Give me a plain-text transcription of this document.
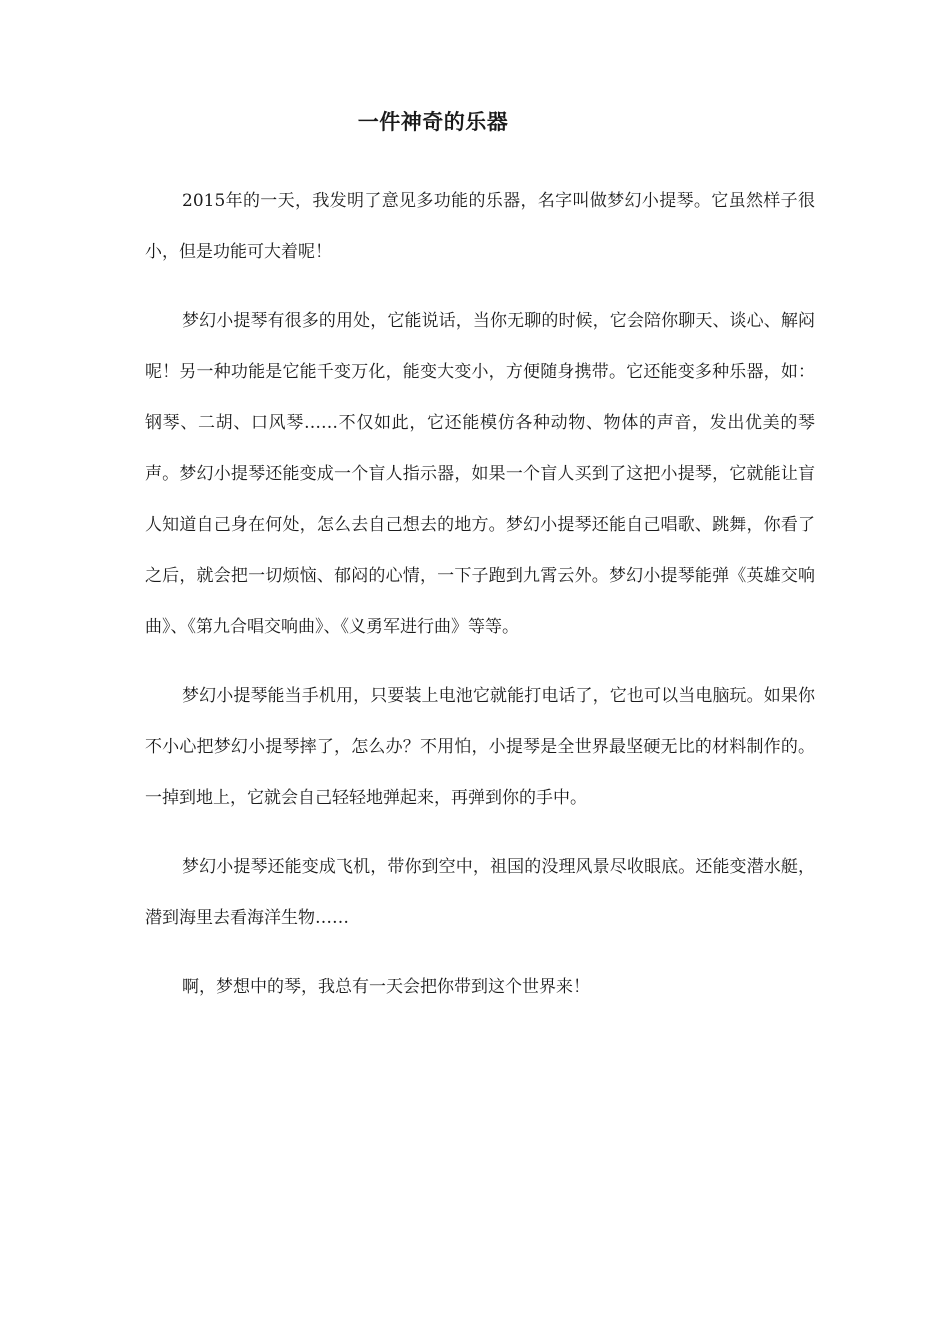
一件神奇的乐器

2015年的一天，我发明了意见多功能的乐器，名字叫做梦幻小提琴。它虽然样子很小，但是功能可大着呢！

梦幻小提琴有很多的用处，它能说话，当你无聊的时候，它会陪你聊天、谈心、解闷呢！另一种功能是它能千变万化，能变大变小，方便随身携带。它还能变多种乐器，如：钢琴、二胡、口风琴……不仅如此，它还能模仿各种动物、物体的声音，发出优美的琴声。梦幻小提琴还能变成一个盲人指示器，如果一个盲人买到了这把小提琴，它就能让盲人知道自己身在何处，怎么去自己想去的地方。梦幻小提琴还能自己唱歌、跳舞，你看了之后，就会把一切烦恼、郁闷的心情，一下子跑到九霄云外。梦幻小提琴能弹《英雄交响曲》、《第九合唱交响曲》、《义勇军进行曲》等等。

梦幻小提琴能当手机用，只要装上电池它就能打电话了，它也可以当电脑玩。如果你不小心把梦幻小提琴摔了，怎么办？不用怕，小提琴是全世界最坚硬无比的材料制作的。一掉到地上，它就会自己轻轻地弹起来，再弹到你的手中。

梦幻小提琴还能变成飞机，带你到空中，祖国的没理风景尽收眼底。还能变潜水艇，潜到海里去看海洋生物……

啊，梦想中的琴，我总有一天会把你带到这个世界来！
